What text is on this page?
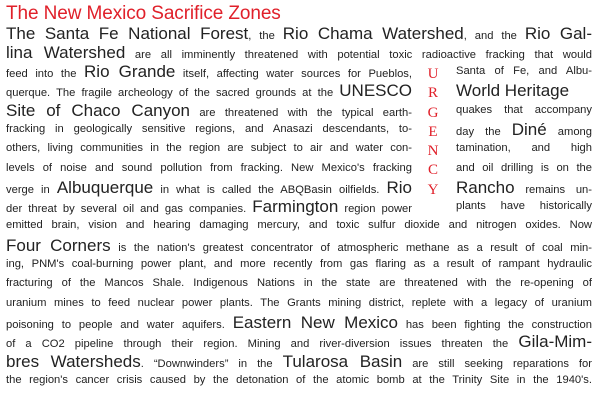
The New Mexico Sacrifice Zones
U
R
G
E
N
C
Y
The Santa Fe National Forest, the Rio Chama Watershed, and the Rio Gal-
lina Watershed are all imminently threatened with potential toxic radioactive fracking that would
feed into the Rio Grande itself, affecting water sources for Pueblos,	Santa of Fe, and Albu-
querque. The fragile archeology of the sacred grounds at the UNESCO	World Heritage
Site of Chaco Canyon are threatened with the typical earth-	quakes that accompany
fracking in geologically sensitive regions, and Anasazi descendants, to-	day the Diné among
others, living communities in the region are subject to air and water con-	tamination, and high
levels of noise and sound pollution from fracking. New Mexico's fracking	and oil drilling is on the
verge in Albuquerque in what is called the ABQBasin oilfields. Rio	Rancho remains un-
der threat by several oil and gas companies. Farmington region power	plants have historically
emitted brain, vision and hearing damaging mercury, and toxic sulfur dioxide and nitrogen oxides. Now
Four Corners is the nation's greatest concentrator of atmospheric methane as a result of coal min-
ing, PNM's coal-burning power plant, and more recently from gas flaring as a result of rampant hydraulic
fracturing of the Mancos Shale. Indigenous Nations in the state are threatened with the re-opening of
uranium mines to feed nuclear power plants. The Grants mining district, replete with a legacy of uranium
poisoning to people and water aquifers. Eastern New Mexico has been fighting the construction
of a CO2 pipeline through their region. Mining and river-diversion issues threaten the Gila-Mim-
bres Watersheds. “Downwinders” in the Tularosa Basin are still seeking reparations for
the region's cancer crisis caused by the detonation of the atomic bomb at the Trinity Site in the 1940's.
